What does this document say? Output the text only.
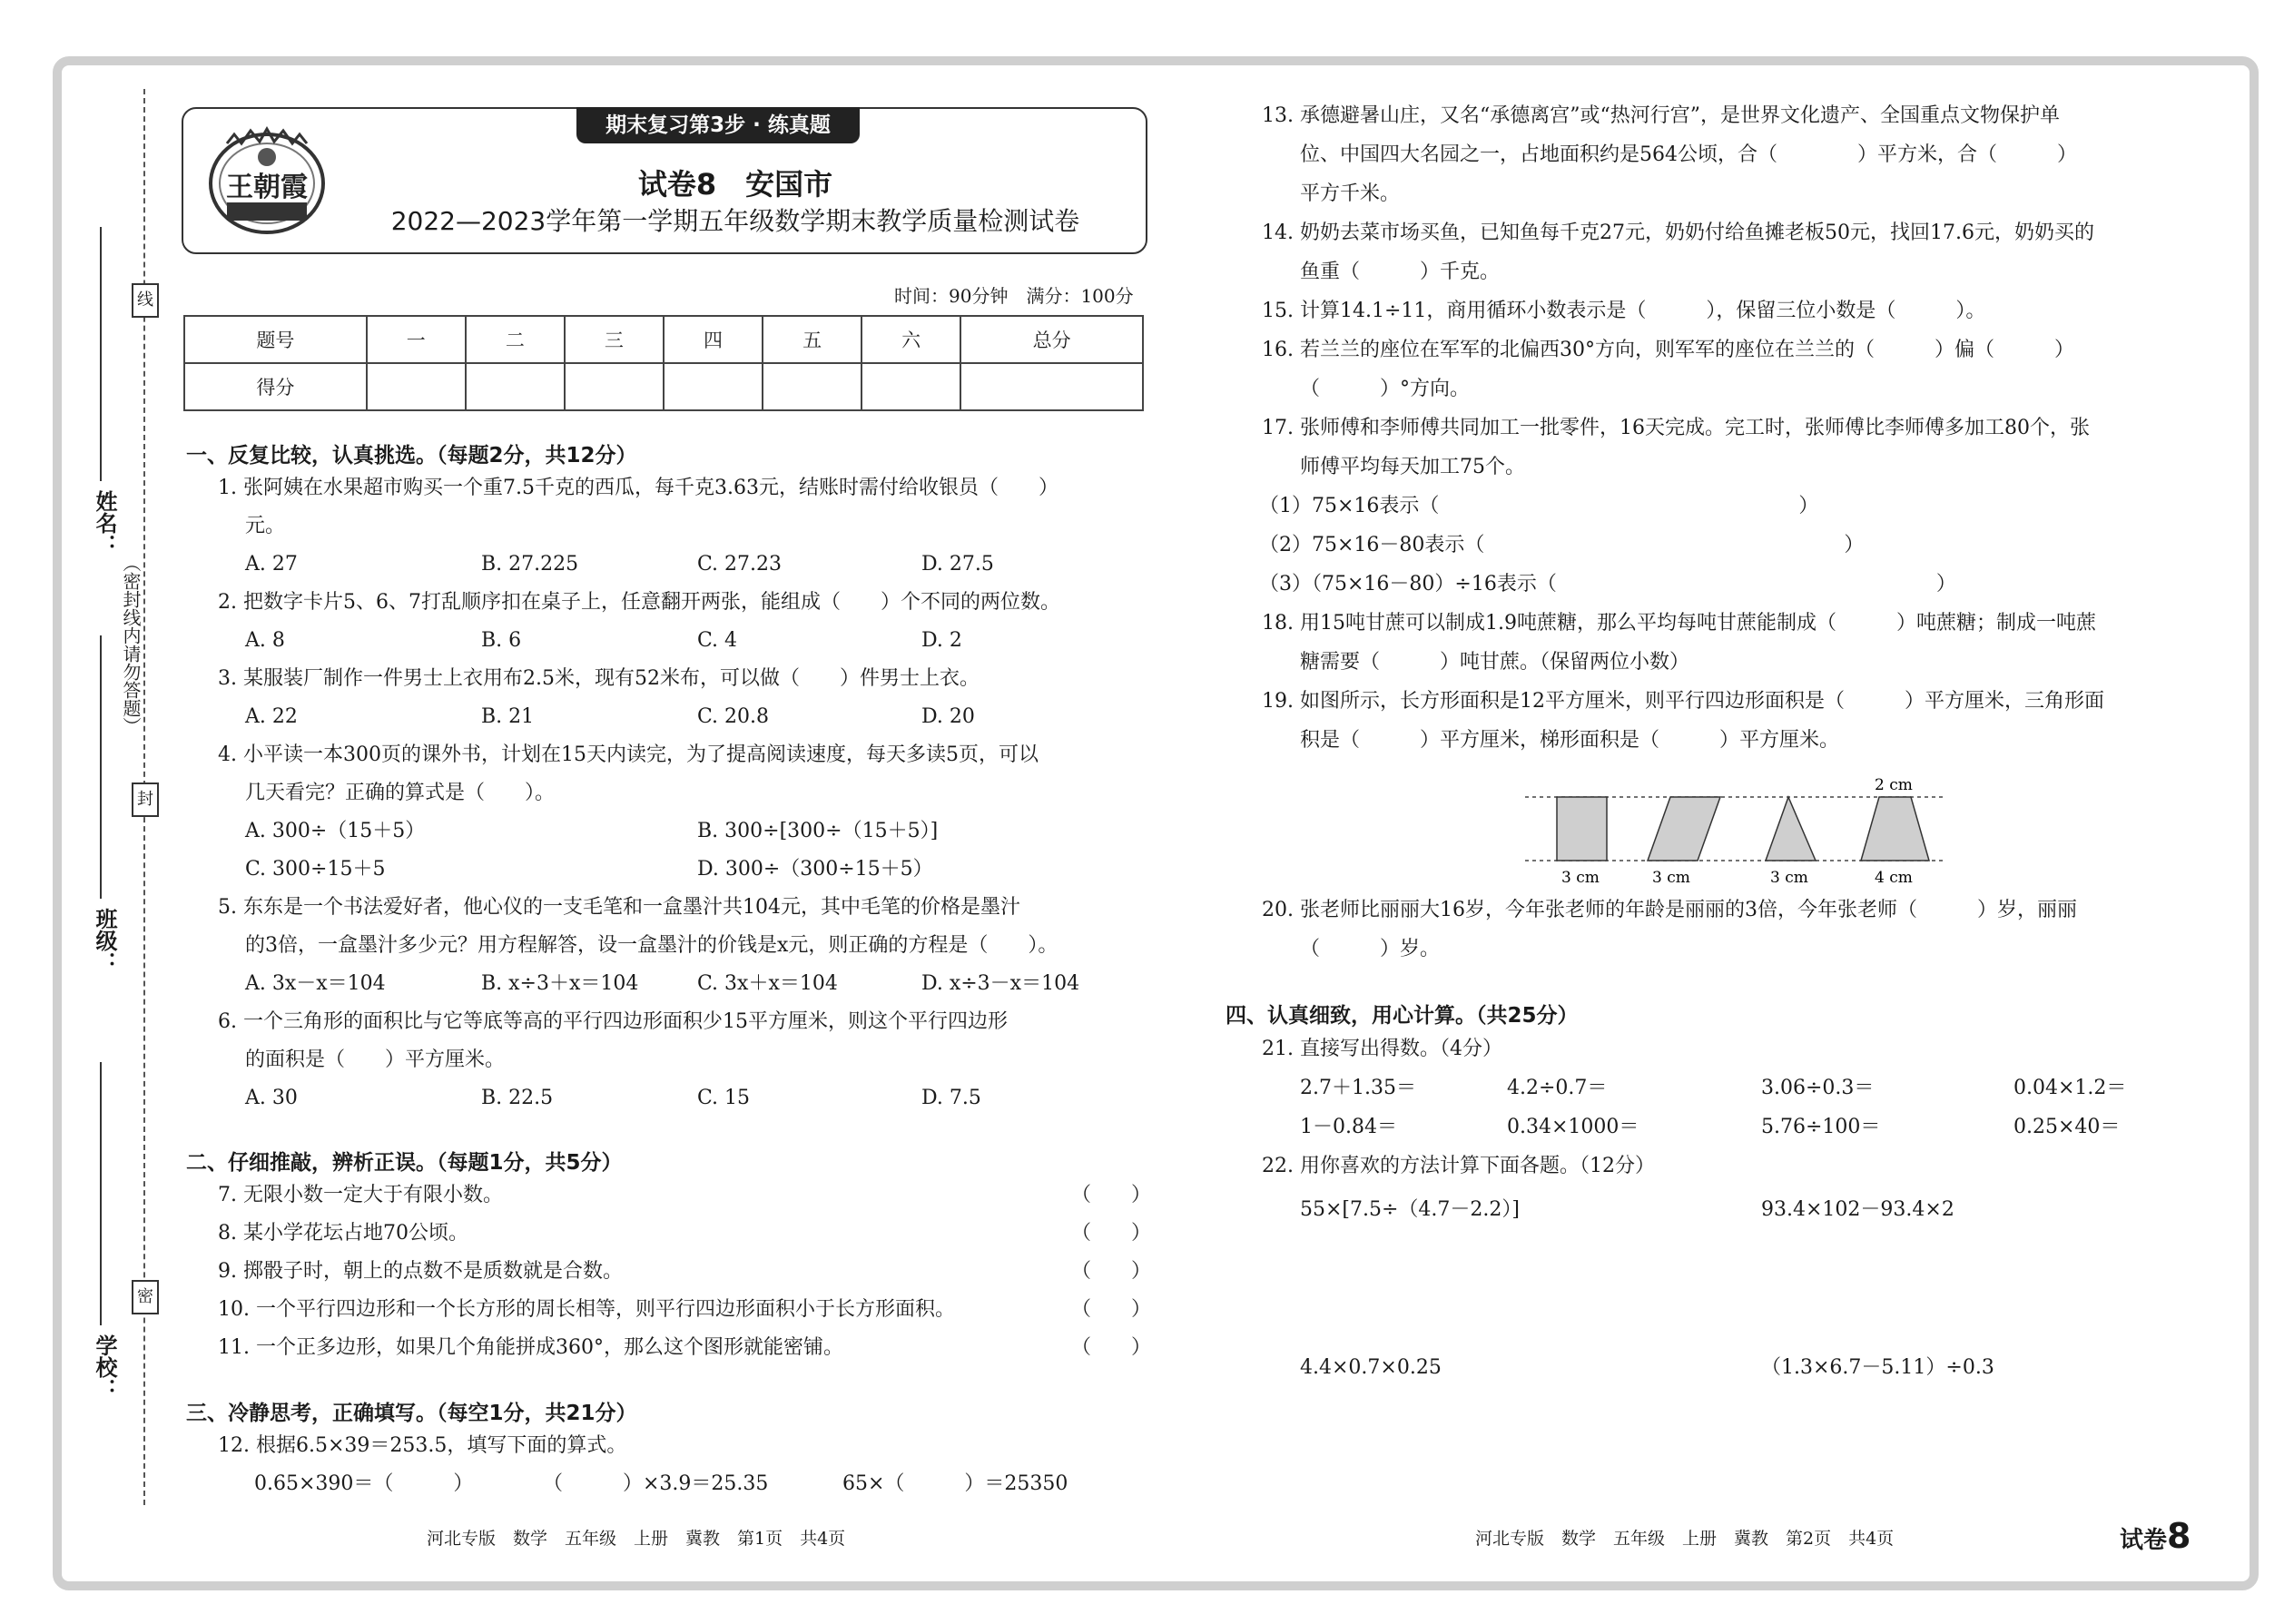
线
封
密
姓名：
班级：
学校：
（密封线内请勿答题）
期末复习第3步 · 练真题
王朝霞	试卷8　安国市
2022—2023学年第一学期五年级数学期末教学质量检测试卷
时间：90分钟　满分：100分
题号	一	二	三	四	五	六	总分
得分							
一、反复比较，认真挑选。（每题2分，共12分）
1. 张阿姨在水果超市购买一个重7.5千克的西瓜，每千克3.63元，结账时需付给收银员（　　）
元。
A. 27	B. 27.225	C. 27.23	D. 27.5
2. 把数字卡片5、6、7打乱顺序扣在桌子上，任意翻开两张，能组成（　　）个不同的两位数。
A. 8	B. 6	C. 4	D. 2
3. 某服装厂制作一件男士上衣用布2.5米，现有52米布，可以做（　　）件男士上衣。
A. 22	B. 21	C. 20.8	D. 20
4. 小平读一本300页的课外书，计划在15天内读完，为了提高阅读速度，每天多读5页，可以
几天看完？正确的算式是（　　）。
A. 300÷（15＋5）	B. 300÷[300÷（15＋5）]
C. 300÷15＋5	D. 300÷（300÷15＋5）
5. 东东是一个书法爱好者，他心仪的一支毛笔和一盒墨汁共104元，其中毛笔的价格是墨汁
的3倍，一盒墨汁多少元？用方程解答，设一盒墨汁的价钱是x元，则正确的方程是（　　）。
A. 3x－x＝104	B. x÷3＋x＝104	C. 3x＋x＝104	D. x÷3－x＝104
6. 一个三角形的面积比与它等底等高的平行四边形面积少15平方厘米，则这个平行四边形
的面积是（　　）平方厘米。
A. 30	B. 22.5	C. 15	D. 7.5
二、仔细推敲，辨析正误。（每题1分，共5分）
7. 无限小数一定大于有限小数。	（　　）
8. 某小学花坛占地70公顷。	（　　）
9. 掷骰子时，朝上的点数不是质数就是合数。	（　　）
10. 一个平行四边形和一个长方形的周长相等，则平行四边形面积小于长方形面积。	（　　）
11. 一个正多边形，如果几个角能拼成360°，那么这个图形就能密铺。	（　　）
三、冷静思考，正确填写。（每空1分，共21分）
12. 根据6.5×39＝253.5，填写下面的算式。
0.65×390＝（　　　）	（　　　）×3.9＝25.35	65×（　　　）＝25350
河北专版　数学　五年级　上册　冀教　第1页　共4页
13. 承德避暑山庄，又名“承德离宫”或“热河行宫”，是世界文化遗产、全国重点文物保护单
位、中国四大名园之一，占地面积约是564公顷，合（　　　　）平方米，合（　　　）
平方千米。
14. 奶奶去菜市场买鱼，已知鱼每千克27元，奶奶付给鱼摊老板50元，找回17.6元，奶奶买的
鱼重（　　　）千克。
15. 计算14.1÷11，商用循环小数表示是（　　　），保留三位小数是（　　　）。
16. 若兰兰的座位在军军的北偏西30°方向，则军军的座位在兰兰的（　　　）偏（　　　）
（　　　）°方向。
17. 张师傅和李师傅共同加工一批零件，16天完成。完工时，张师傅比李师傅多加工80个，张
师傅平均每天加工75个。
（1）75×16表示（　　　　　　　　　　　　　　　　　　）
（2）75×16－80表示（　　　　　　　　　　　　　　　　　　）
（3）（75×16－80）÷16表示（　　　　　　　　　　　　　　　　　　　）
18. 用15吨甘蔗可以制成1.9吨蔗糖，那么平均每吨甘蔗能制成（　　　）吨蔗糖；制成一吨蔗
糖需要（　　　）吨甘蔗。（保留两位小数）
19. 如图所示，长方形面积是12平方厘米，则平行四边形面积是（　　　）平方厘米，三角形面
积是（　　　）平方厘米，梯形面积是（　　　）平方厘米。
2 cm
3 cm	3 cm	3 cm	4 cm
20. 张老师比丽丽大16岁，今年张老师的年龄是丽丽的3倍，今年张老师（　　　）岁，丽丽
（　　　）岁。
四、认真细致，用心计算。（共25分）
21. 直接写出得数。（4分）
2.7＋1.35＝	4.2÷0.7＝	3.06÷0.3＝	0.04×1.2＝
1－0.84＝	0.34×1000＝	5.76÷100＝	0.25×40＝
22. 用你喜欢的方法计算下面各题。（12分）
55×[7.5÷（4.7－2.2）]	93.4×102－93.4×2
4.4×0.7×0.25	（1.3×6.7－5.11）÷0.3
河北专版　数学　五年级　上册　冀教　第2页　共4页	试卷8
